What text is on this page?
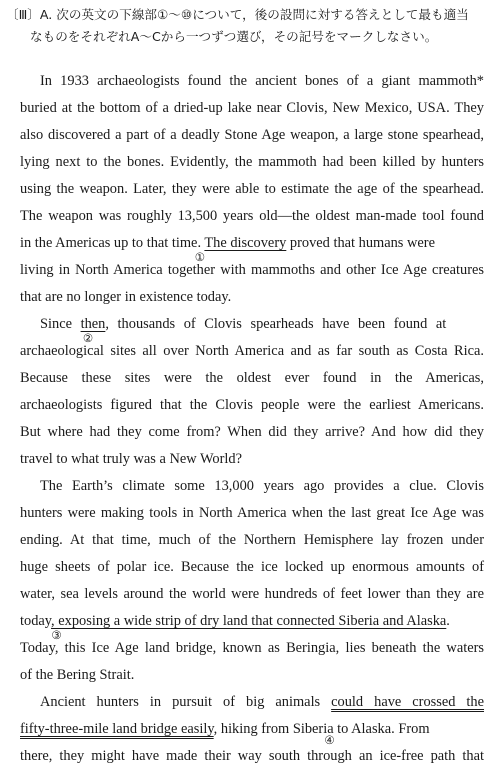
〔Ⅲ〕A. 次の英文の下線部①〜⑩について，後の設問に対する答えとして最も適当
なものをそれぞれA〜Cから一つずつ選び，その記号をマークしなさい。
In 1933 archaeologists found the ancient bones of a giant mammoth*
buried at the bottom of a dried-up lake near Clovis, New Mexico, USA. They
also discovered a part of a deadly Stone Age weapon, a large stone spearhead,
lying next to the bones. Evidently, the mammoth had been killed by hunters
using the weapon. Later, they were able to estimate the age of the spearhead.
The weapon was roughly 13,500 years old—the oldest man-made tool found
in the Americas up to that time. The discovery
①
proved that humans were
living in North America together with mammoths and other Ice Age creatures
that are no longer in existence today.
Since then
②
, thousands of Clovis spearheads have been found at
archaeological sites all over North America and as far south as Costa Rica.
Because these sites were the oldest ever found in the Americas,
archaeologists figured that the Clovis people were the earliest Americans.
But where had they come from? When did they arrive? And how did they
travel to what truly was a New World?
The Earth’s climate some 13,000 years ago provides a clue. Clovis
hunters were making tools in North America when the last great Ice Age was
ending. At that time, much of the Northern Hemisphere lay frozen under
huge sheets of polar ice. Because the ice locked up enormous amounts of
water, sea levels around the world were hundreds of feet lower than they are
today, exposing a wide strip of dry land that connected Siberia and Alaska
③
.
Today, this Ice Age land bridge, known as Beringia, lies beneath the waters
of the Bering Strait.
Ancient hunters in pursuit of big animals could have crossed the
fifty-three-mile land bridge easily, hiking from Siberia to Alaska. From
④
there, they might have made their way south through an ice-free path that
